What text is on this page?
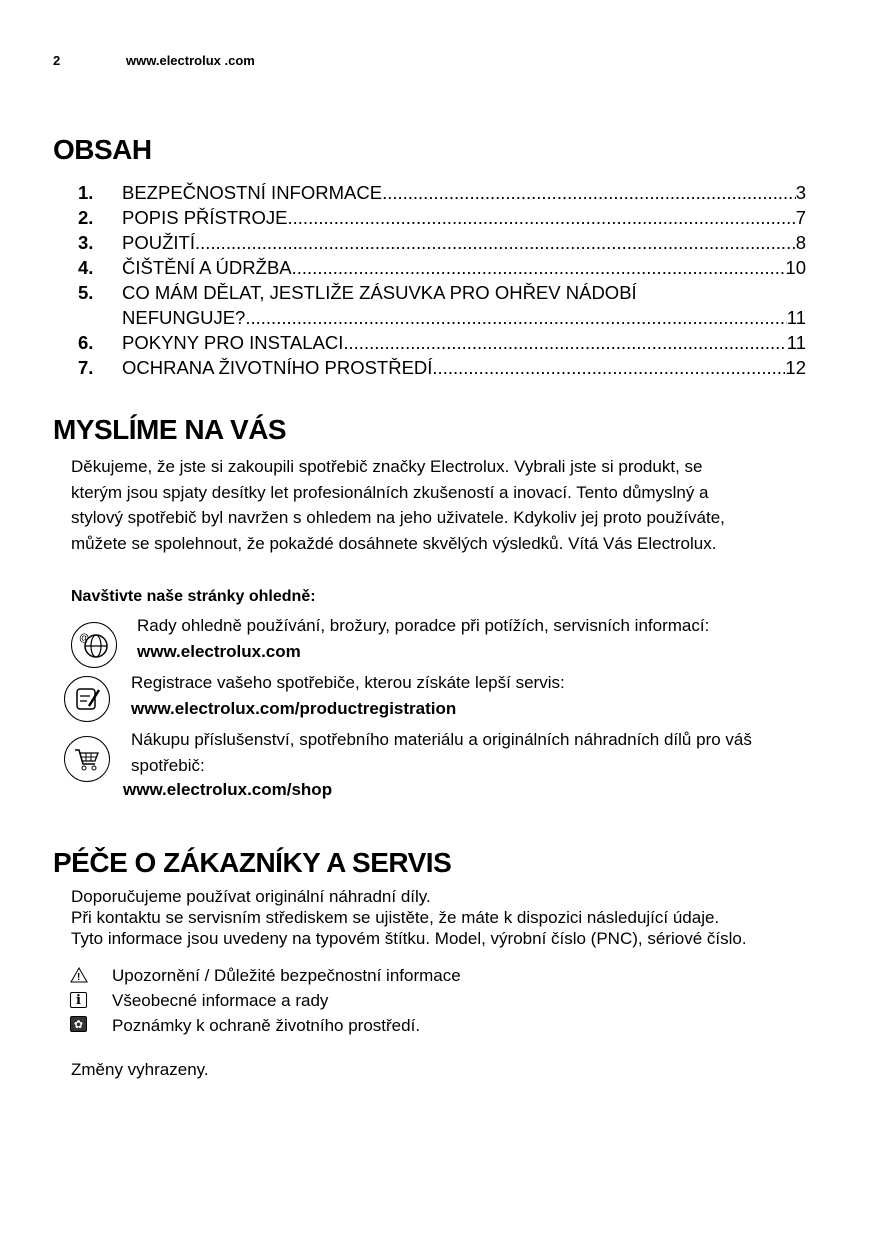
2	www.electrolux .com
OBSAH
1.	BEZPEČNOSTNÍ INFORMACE .....	3
2.	POPIS PŘÍSTROJE .....	7
3.	POUŽITÍ .....	8
4.	ČIŠTĚNÍ A ÚDRŽBA .....	10
5.	CO MÁM DĚLAT, JESTLIŽE ZÁSUVKA PRO OHŘEV NÁDOBÍ
NEFUNGUJE? .....	11
6.	POKYNY PRO INSTALACI .....	11
7.	OCHRANA ŽIVOTNÍHO PROSTŘEDÍ .....	12
MYSLÍME NA VÁS
Děkujeme, že jste si zakoupili spotřebič značky Electrolux. Vybrali jste si produkt, se
kterým jsou spjaty desítky let profesionálních zkušeností a inovací. Tento důmyslný a
stylový spotřebič byl navržen s ohledem na jeho uživatele. Kdykoliv jej proto používáte,
můžete se spolehnout, že pokaždé dosáhnete skvělých výsledků. Vítá Vás Electrolux.
Navštivte naše stránky ohledně:
@
Rady ohledně používání, brožury, poradce při potížích, servisních informací:
www.electrolux.com
Registrace vašeho spotřebiče, kterou získáte lepší servis:
www.electrolux.com/productregistration
Nákupu příslušenství, spotřebního materiálu a originálních náhradních dílů pro váš
spotřebič:
www.electrolux.com/shop
PÉČE O ZÁKAZNÍKY A SERVIS
Doporučujeme používat originální náhradní díly.
Při kontaktu se servisním střediskem se ujistěte, že máte k dispozici následující údaje.
Tyto informace jsou uvedeny na typovém štítku. Model, výrobní číslo (PNC), sériové číslo.
! Upozornění / Důležité bezpečnostní informace
i	Všeobecné informace a rady
✿ Poznámky k ochraně životního prostředí.
Změny vyhrazeny.
